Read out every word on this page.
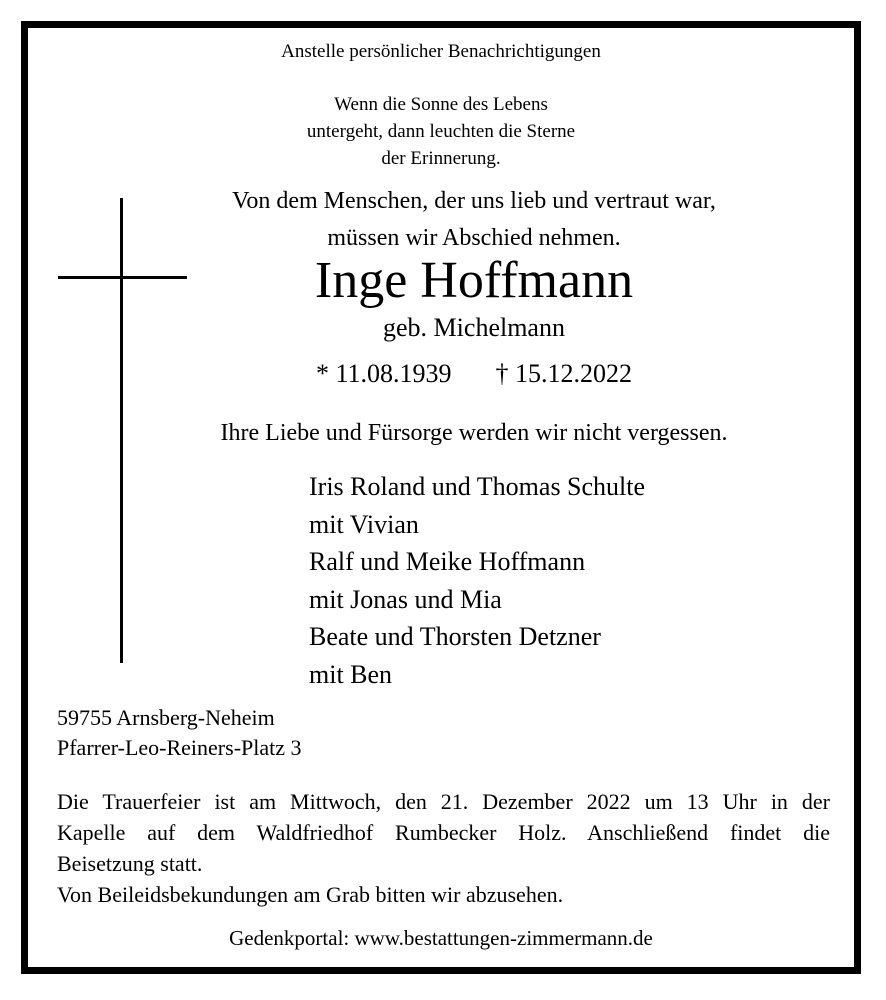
Anstelle persönlicher Benachrichtigungen
Wenn die Sonne des Lebens
untergeht, dann leuchten die Sterne
der Erinnerung.
Von dem Menschen, der uns lieb und vertraut war,
müssen wir Abschied nehmen.
Inge Hoffmann
geb. Michelmann
* 11.08.1939 † 15.12.2022
Ihre Liebe und Fürsorge werden wir nicht vergessen.
Iris Roland und Thomas Schulte
mit Vivian
Ralf und Meike Hoffmann
mit Jonas und Mia
Beate und Thorsten Detzner
mit Ben
59755 Arnsberg-Neheim
Pfarrer-Leo-Reiners-Platz 3
Die Trauerfeier ist am Mittwoch, den 21. Dezember 2022 um 13 Uhr in der
Kapelle auf dem Waldfriedhof Rumbecker Holz. Anschließend findet die
Beisetzung statt.
Von Beileidsbekundungen am Grab bitten wir abzusehen.
Gedenkportal: www.bestattungen-zimmermann.de
